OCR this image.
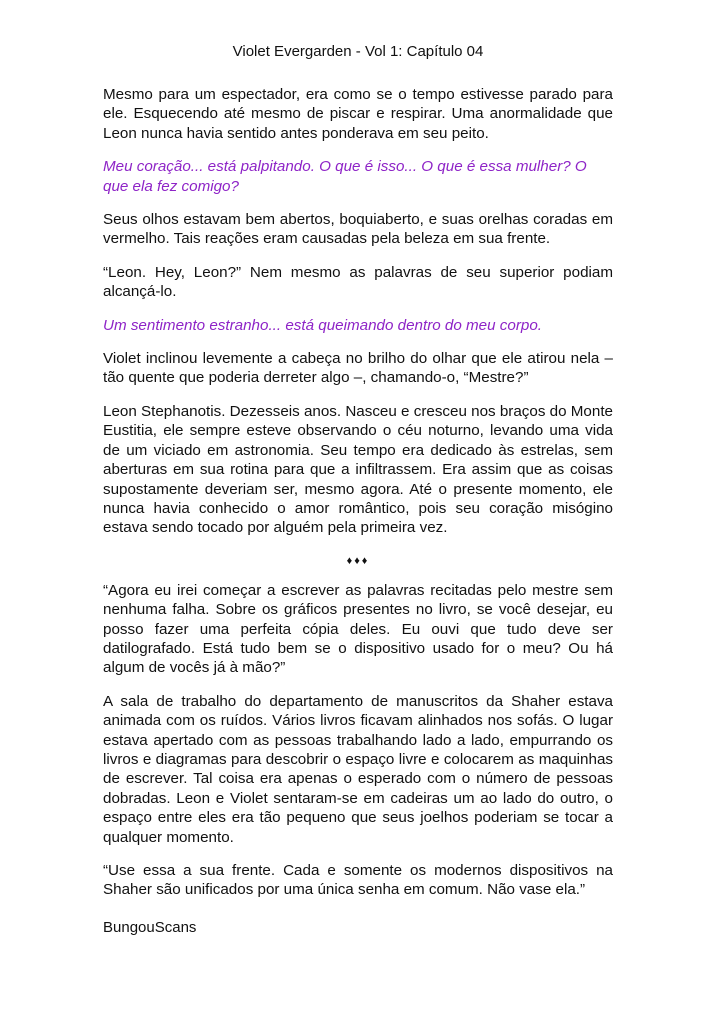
Violet Evergarden - Vol 1: Capítulo 04

Mesmo para um espectador, era como se o tempo estivesse parado para ele. Esquecendo até mesmo de piscar e respirar. Uma anormalidade que Leon nunca havia sentido antes ponderava em seu peito.

Meu coração... está palpitando. O que é isso... O que é essa mulher? O que ela fez comigo?

Seus olhos estavam bem abertos, boquiaberto, e suas orelhas coradas em vermelho. Tais reações eram causadas pela beleza em sua frente.

“Leon. Hey, Leon?” Nem mesmo as palavras de seu superior podiam alcançá-lo.

Um sentimento estranho... está queimando dentro do meu corpo.

Violet inclinou levemente a cabeça no brilho do olhar que ele atirou nela – tão quente que poderia derreter algo –, chamando-o, “Mestre?”

Leon Stephanotis. Dezesseis anos. Nasceu e cresceu nos braços do Monte Eustitia, ele sempre esteve observando o céu noturno, levando uma vida de um viciado em astronomia. Seu tempo era dedicado às estrelas, sem aberturas em sua rotina para que a infiltrassem. Era assim que as coisas supostamente deveriam ser, mesmo agora. Até o presente momento, ele nunca havia conhecido o amor romântico, pois seu coração misógino estava sendo tocado por alguém pela primeira vez.

♦♦♦

“Agora eu irei começar a escrever as palavras recitadas pelo mestre sem nenhuma falha. Sobre os gráficos presentes no livro, se você desejar, eu posso fazer uma perfeita cópia deles. Eu ouvi que tudo deve ser datilografado. Está tudo bem se o dispositivo usado for o meu? Ou há algum de vocês já à mão?”

A sala de trabalho do departamento de manuscritos da Shaher estava animada com os ruídos. Vários livros ficavam alinhados nos sofás. O lugar estava apertado com as pessoas trabalhando lado a lado, empurrando os livros e diagramas para descobrir o espaço livre e colocarem as maquinhas de escrever. Tal coisa era apenas o esperado com o número de pessoas dobradas. Leon e Violet sentaram-se em cadeiras um ao lado do outro, o espaço entre eles era tão pequeno que seus joelhos poderiam se tocar a qualquer momento.

“Use essa a sua frente. Cada e somente os modernos dispositivos na Shaher são unificados por uma única senha em comum. Não vase ela.”

BungouScans
